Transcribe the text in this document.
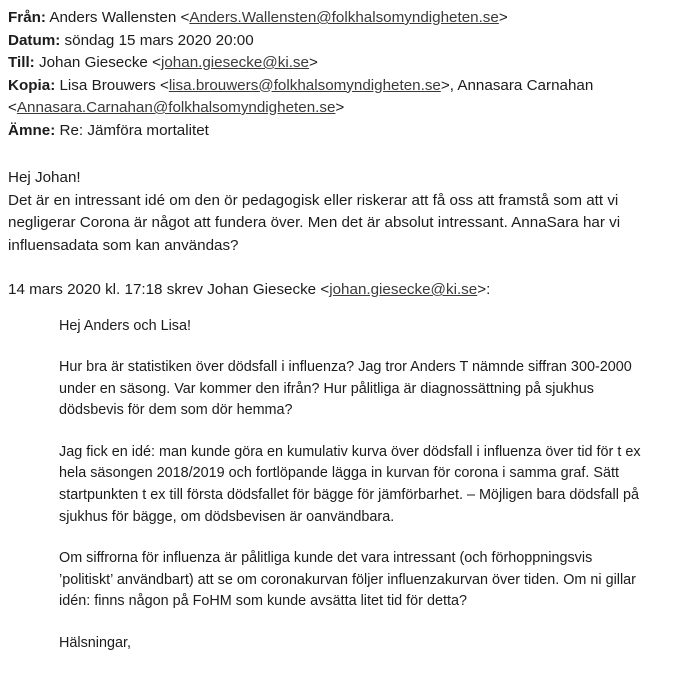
Från: Anders Wallensten <Anders.Wallensten@folkhalsomyndigheten.se>
Datum: söndag 15 mars 2020 20:00
Till: Johan Giesecke <johan.giesecke@ki.se>
Kopia: Lisa Brouwers <lisa.brouwers@folkhalsomyndigheten.se>, Annasara Carnahan
<Annasara.Carnahan@folkhalsomyndigheten.se>
Ämne: Re: Jämföra mortalitet
Hej Johan!
Det är en intressant idé om den ör pedagogisk eller riskerar att få oss att framstå som att vi negligerar Corona är något att fundera över. Men det är absolut intressant. AnnaSara har vi influensadata som kan användas?
14 mars 2020 kl. 17:18 skrev Johan Giesecke <johan.giesecke@ki.se>:

Hej Anders och Lisa!

Hur bra är statistiken över dödsfall i influenza? Jag tror Anders T nämnde siffran 300-2000 under en säsong. Var kommer den ifrån? Hur pålitliga är diagnossättning på sjukhus dödsbevis för dem som dör hemma?

Jag fick en idé: man kunde göra en kumulativ kurva över dödsfall i influenza över tid för t ex hela säsongen 2018/2019 och fortlöpande lägga in kurvan för corona i samma graf. Sätt startpunkten t ex till första dödsfallet för bägge för jämförbarhet. – Möjligen bara dödsfall på sjukhus för bägge, om dödsbevisen är oanvändbara.

Om siffrorna för influenza är pålitliga kunde det vara intressant (och förhoppningsvis ’politiskt’ användbart) att se om coronakurvan följer influenzakurvan över tiden. Om ni gillar idén: finns någon på FoHM som kunde avsätta litet tid för detta?

Hälsningar,
